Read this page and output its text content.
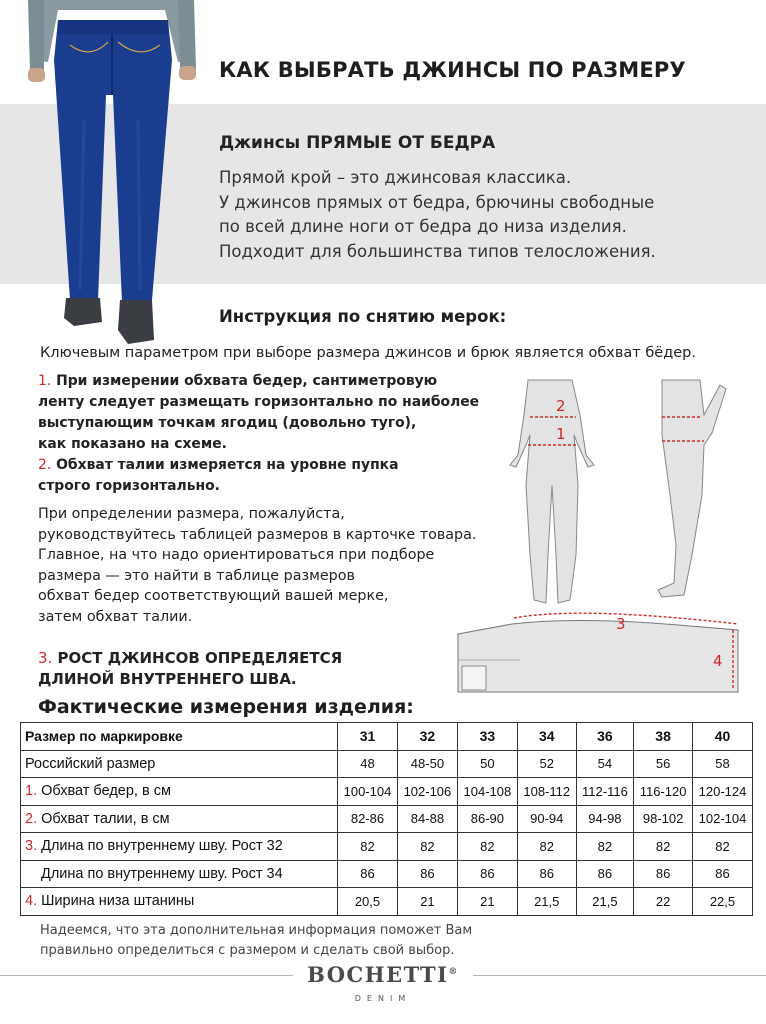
КАК ВЫБРАТЬ ДЖИНСЫ ПО РАЗМЕРУ
Джинсы ПРЯМЫЕ ОТ БЕДРА
Прямой крой – это джинсовая классика.
У джинсов прямых от бедра, брючины свободные
по всей длине ноги от бедра до низа изделия.
Подходит для большинства типов телосложения.
Инструкция по снятию мерок:
Ключевым параметром при выборе размера джинсов и брюк является обхват бёдер.
1. При измерении обхвата бедер, сантиметровую
ленту следует размещать горизонтально по наиболее
выступающим точкам ягодиц (довольно туго),
как показано на схеме.
2. Обхват талии измеряется на уровне пупка
строго горизонтально.
При определении размера, пожалуйста,
руководствуйтесь таблицей размеров в карточке товара.
Главное, на что надо ориентироваться при подборе
размера — это найти в таблице размеров
обхват бедер соответствующий вашей мерке,
затем обхват талии.
3. РОСТ ДЖИНСОВ ОПРЕДЕЛЯЕТСЯ
ДЛИНОЙ ВНУТРЕННЕГО ШВА.
2
1
3
4
Фактические измерения изделия:
Размер по маркировке	31	32	33	34	36	38	40
Российский размер	48	48-50	50	52	54	56	58
1. Обхват бедер, в см	100-104	102-106	104-108	108-112	112-116	116-120	120-124
2. Обхват талии, в см	82-86	84-88	86-90	90-94	94-98	98-102	102-104
3. Длина по внутреннему шву. Рост 32	82	82	82	82	82	82	82
Длина по внутреннему шву. Рост 34	86	86	86	86	86	86	86
4. Ширина низа штанины	20,5	21	21	21,5	21,5	22	22,5
Надеемся, что эта дополнительная информация поможет Вам
правильно определиться с размером и сделать свой выбор.
BOCHETTI®
DENIM
